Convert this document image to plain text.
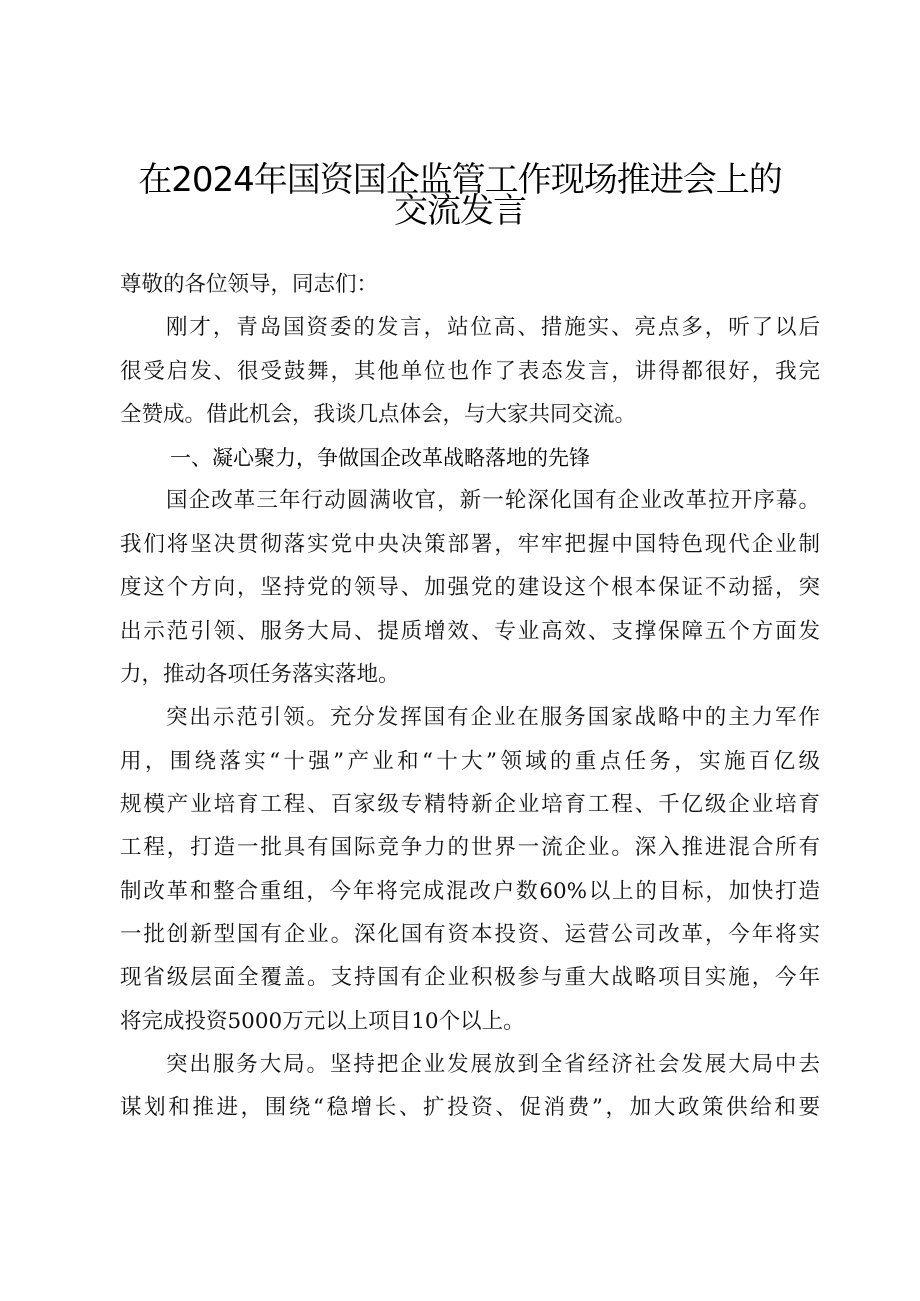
在2024年国资国企监管工作现场推进会上的
交流发言
尊敬的各位领导，同志们：
刚才，青岛国资委的发言，站位高、措施实、亮点多，听了以后
很受启发、很受鼓舞，其他单位也作了表态发言，讲得都很好，我完
全赞成。借此机会，我谈几点体会，与大家共同交流。
一、凝心聚力，争做国企改革战略落地的先锋
国企改革三年行动圆满收官，新一轮深化国有企业改革拉开序幕。
我们将坚决贯彻落实党中央决策部署，牢牢把握中国特色现代企业制
度这个方向，坚持党的领导、加强党的建设这个根本保证不动摇，突
出示范引领、服务大局、提质增效、专业高效、支撑保障五个方面发
力，推动各项任务落实落地。
突出示范引领。充分发挥国有企业在服务国家战略中的主力军作
用，围绕落实“十强”产业和“十大”领域的重点任务，实施百亿级
规模产业培育工程、百家级专精特新企业培育工程、千亿级企业培育
工程，打造一批具有国际竞争力的世界一流企业。深入推进混合所有
制改革和整合重组，今年将完成混改户数60%以上的目标，加快打造
一批创新型国有企业。深化国有资本投资、运营公司改革，今年将实
现省级层面全覆盖。支持国有企业积极参与重大战略项目实施，今年
将完成投资5000万元以上项目10个以上。
突出服务大局。坚持把企业发展放到全省经济社会发展大局中去
谋划和推进，围绕“稳增长、扩投资、促消费”，加大政策供给和要
